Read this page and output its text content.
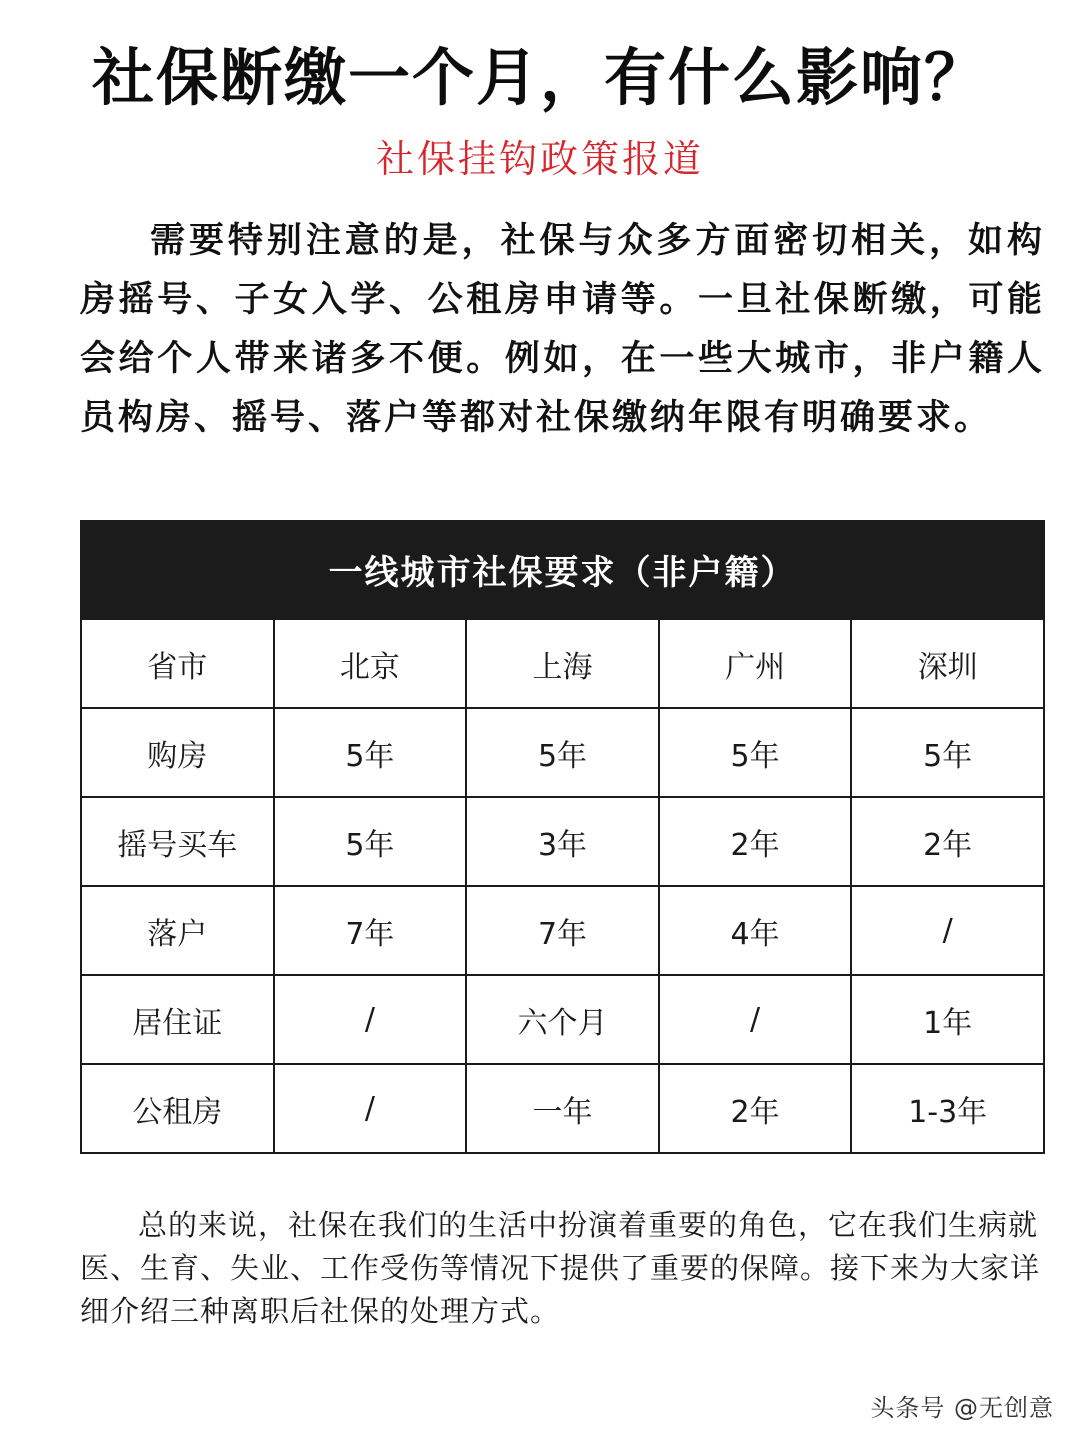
社保断缴一个月，有什么影响？
社保挂钩政策报道
需要特别注意的是，社保与众多方面密切相关，如构房摇号、子女入学、公租房申请等。一旦社保断缴，可能会给个人带来诸多不便。例如，在一些大城市，非户籍人员构房、摇号、落户等都对社保缴纳年限有明确要求。
一线城市社保要求（非户籍）
省市	北京	上海	广州	深圳
购房	5年	5年	5年	5年
摇号买车	5年	3年	2年	2年
落户	7年	7年	4年	/
居住证	/	六个月	/	1年
公租房	/	一年	2年	1-3年
总的来说，社保在我们的生活中扮演着重要的角色，它在我们生病就医、生育、失业、工作受伤等情况下提供了重要的保障。接下来为大家详细介绍三种离职后社保的处理方式。
头条号 @无创意
